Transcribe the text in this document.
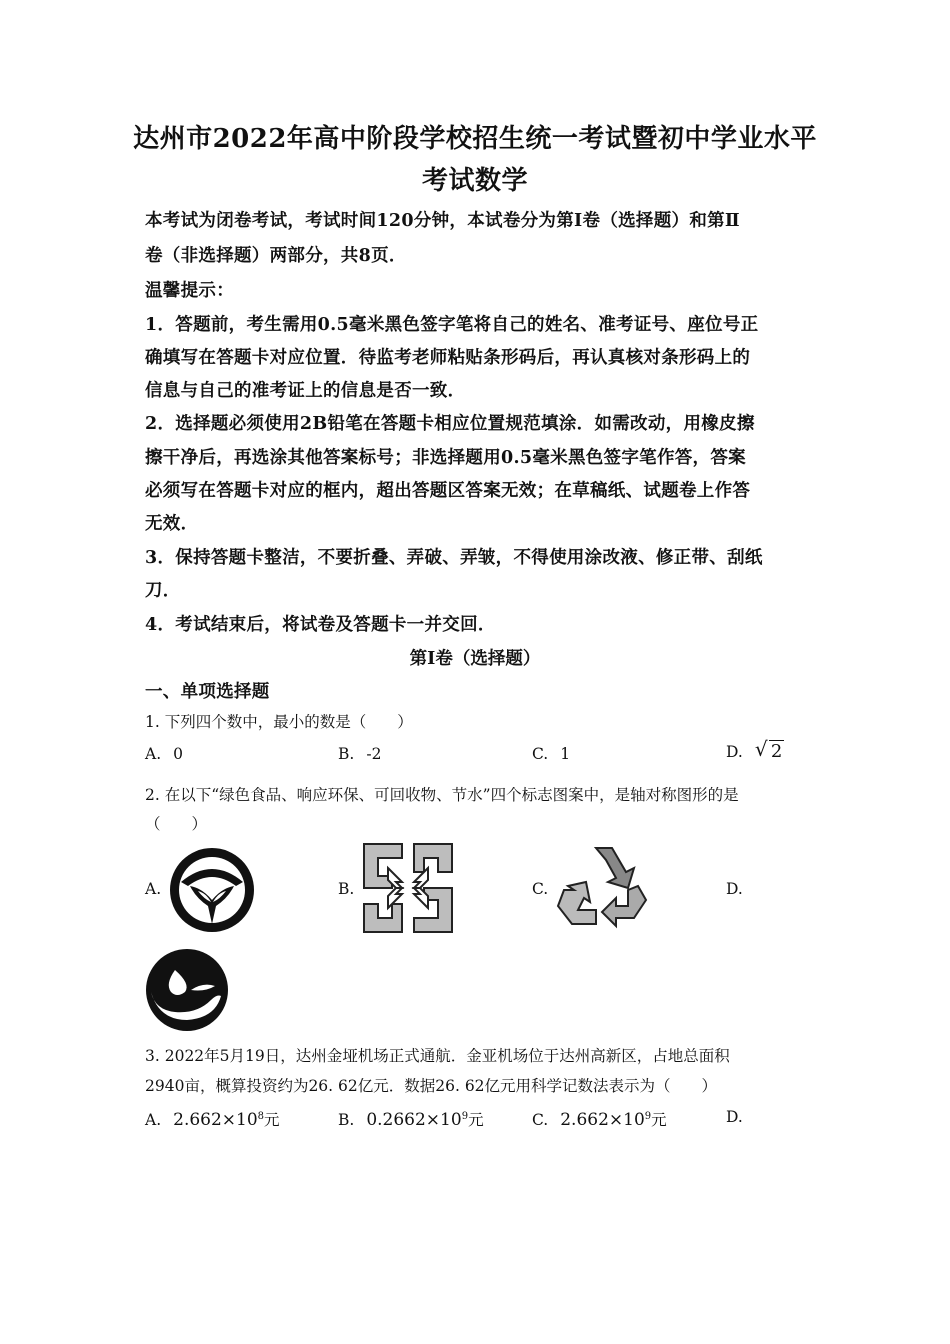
达州市2022年高中阶段学校招生统一考试暨初中学业水平
考试数学
本考试为闭卷考试，考试时间120分钟，本试卷分为第Ⅰ卷（选择题）和第Ⅱ
卷（非选择题）两部分，共8页．
温馨提示：
1．答题前，考生需用0.5毫米黑色签字笔将自己的姓名、准考证号、座位号正
确填写在答题卡对应位置．待监考老师粘贴条形码后，再认真核对条形码上的
信息与自己的准考证上的信息是否一致．
2．选择题必须使用2B铅笔在答题卡相应位置规范填涂．如需改动，用橡皮擦
擦干净后，再选涂其他答案标号；非选择题用0.5毫米黑色签字笔作答，答案
必须写在答题卡对应的框内，超出答题区答案无效；在草稿纸、试题卷上作答
无效．
3．保持答题卡整洁，不要折叠、弄破、弄皱，不得使用涂改液、修正带、刮纸
刀．
4．考试结束后，将试卷及答题卡一并交回．
第Ⅰ卷（选择题）
一、单项选择题
1. 下列四个数中，最小的数是（　　）
A. 0	B. -2	C. 1	D. √ 2
2. 在以下“绿色食品、响应环保、可回收物、节水”四个标志图案中，是轴对称图形的是
（　　）
A.	B.	C.	D.
3. 2022年5月19日，达州金垭机场正式通航．金亚机场位于达州高新区，占地总面积
2940亩，概算投资约为26. 62亿元．数据26. 62亿元用科学记数法表示为（　　）
A. $2.662\times 10^8$元	B. $0.2662\times 10^9$元	C. $2.662\times 10^9$元	D.
